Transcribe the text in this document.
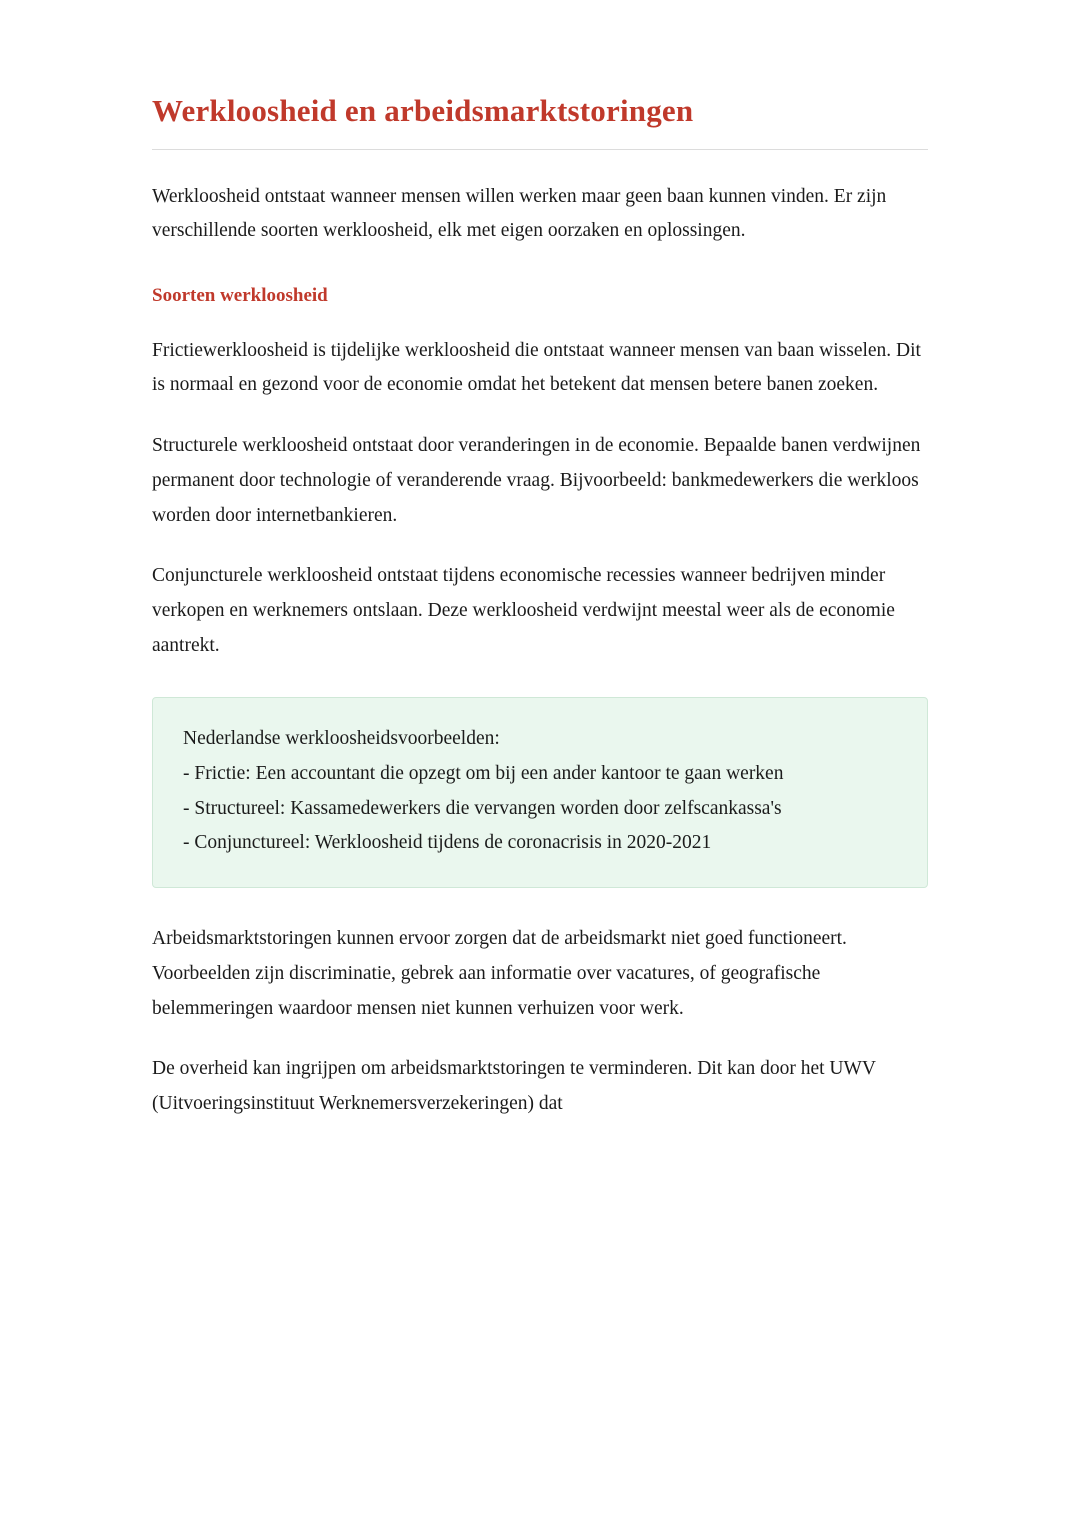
Werkloosheid en arbeidsmarktstoringen

Werkloosheid ontstaat wanneer mensen willen werken maar geen baan kunnen vinden. Er zijn verschillende soorten werkloosheid, elk met eigen oorzaken en oplossingen.

Soorten werkloosheid

Frictiewerkloosheid is tijdelijke werkloosheid die ontstaat wanneer mensen van baan wisselen. Dit is normaal en gezond voor de economie omdat het betekent dat mensen betere banen zoeken.

Structurele werkloosheid ontstaat door veranderingen in de economie. Bepaalde banen verdwijnen permanent door technologie of veranderende vraag. Bijvoorbeeld: bankmedewerkers die werkloos worden door internetbankieren.

Conjuncturele werkloosheid ontstaat tijdens economische recessies wanneer bedrijven minder verkopen en werknemers ontslaan. Deze werkloosheid verdwijnt meestal weer als de economie aantrekt.

Nederlandse werkloosheidsvoorbeelden:
- Frictie: Een accountant die opzegt om bij een ander kantoor te gaan werken
- Structureel: Kassamedewerkers die vervangen worden door zelfscankassa's
- Conjunctureel: Werkloosheid tijdens de coronacrisis in 2020-2021

Arbeidsmarktstoringen kunnen ervoor zorgen dat de arbeidsmarkt niet goed functioneert. Voorbeelden zijn discriminatie, gebrek aan informatie over vacatures, of geografische belemmeringen waardoor mensen niet kunnen verhuizen voor werk.

De overheid kan ingrijpen om arbeidsmarktstoringen te verminderen. Dit kan door het UWV (Uitvoeringsinstituut Werknemersverzekeringen) dat
